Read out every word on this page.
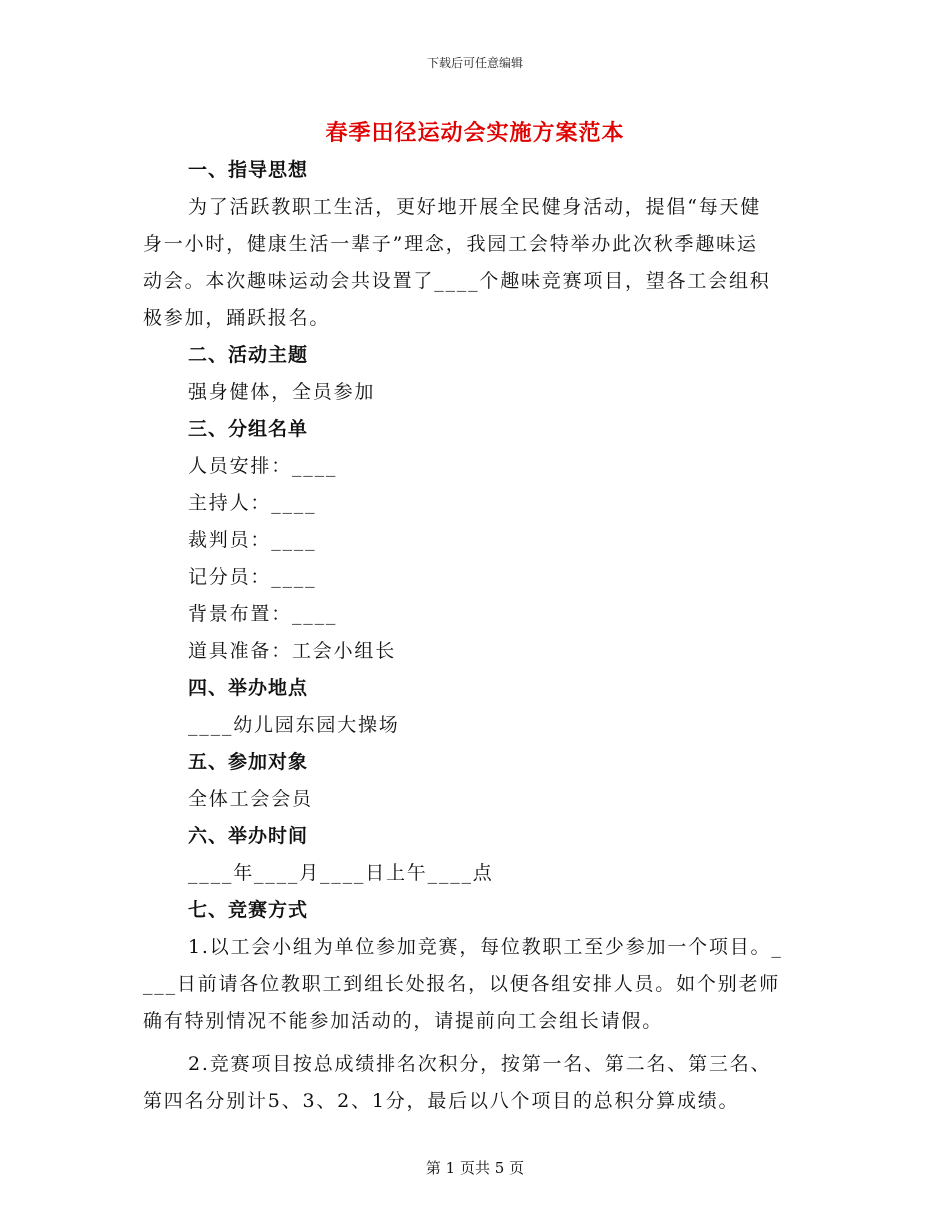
下载后可任意编辑
春季田径运动会实施方案范本
一、指导思想
为了活跃教职工生活，更好地开展全民健身活动，提倡“每天健
身一小时，健康生活一辈子”理念，我园工会特举办此次秋季趣味运
动会。本次趣味运动会共设置了____个趣味竞赛项目，望各工会组积
极参加，踊跃报名。
二、活动主题
强身健体，全员参加
三、分组名单
人员安排：____
主持人：____
裁判员：____
记分员：____
背景布置：____
道具准备：工会小组长
四、举办地点
____幼儿园东园大操场
五、参加对象
全体工会会员
六、举办时间
____年____月____日上午____点
七、竞赛方式
1.以工会小组为单位参加竞赛，每位教职工至少参加一个项目。_
___日前请各位教职工到组长处报名，以便各组安排人员。如个别老师
确有特别情况不能参加活动的，请提前向工会组长请假。
2.竞赛项目按总成绩排名次积分，按第一名、第二名、第三名、
第四名分别计5、3、2、1分，最后以八个项目的总积分算成绩。
第 1 页共 5 页
